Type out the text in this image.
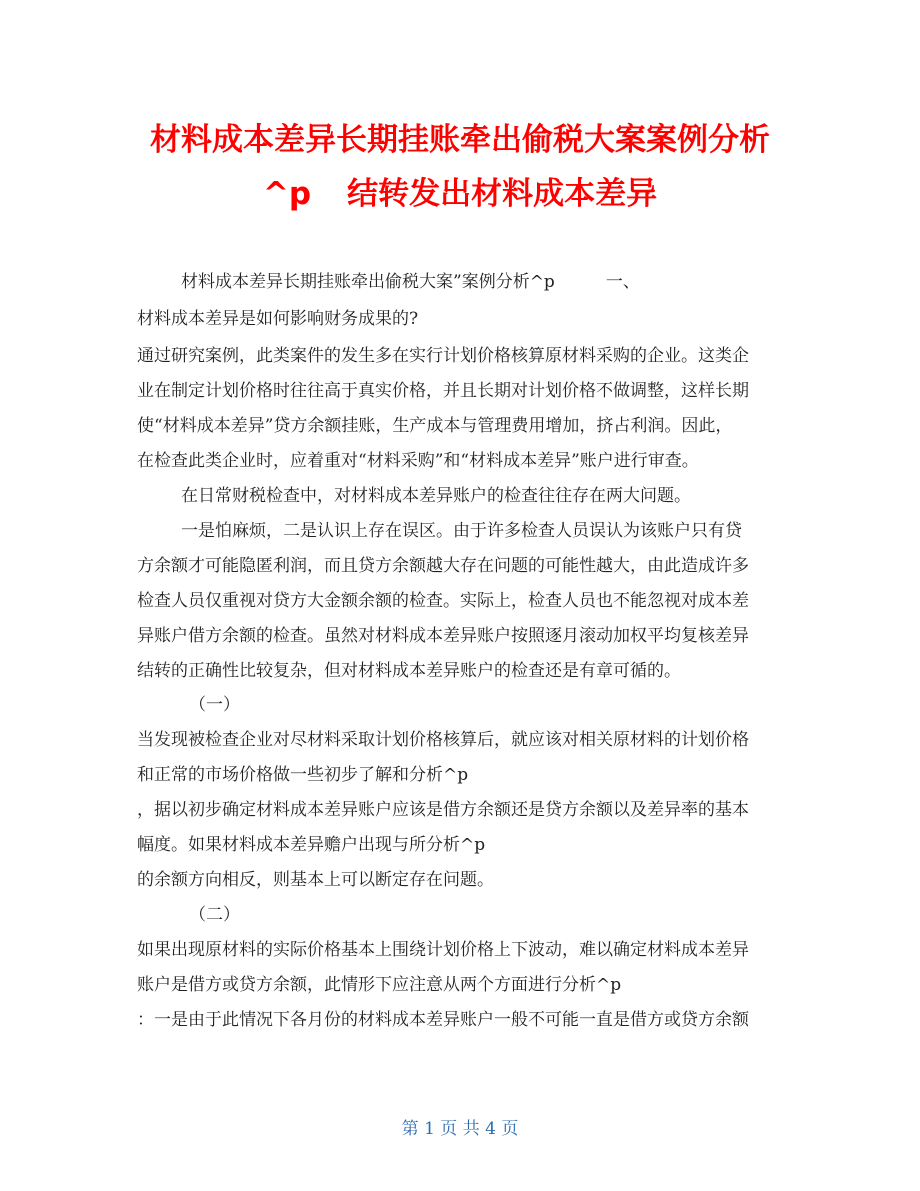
材料成本差异长期挂账牵出偷税大案案例分析
^p 结转发出材料成本差异

材料成本差异长期挂账牵出偷税大案”案例分析^p　　　一、

材料成本差异是如何影响财务成果的?

通过研究案例，此类案件的发生多在实行计划价格核算原材料采购的企业。这类企

业在制定计划价格时往往高于真实价格，并且长期对计划价格不做调整，这样长期

使“材料成本差异”贷方余额挂账，生产成本与管理费用增加，挤占利润。因此，

在检查此类企业时，应着重对“材料采购”和“材料成本差异”账户进行审查。

在日常财税检查中，对材料成本差异账户的检查往往存在两大问题。

一是怕麻烦，二是认识上存在误区。由于许多检查人员误认为该账户只有贷

方余额才可能隐匿利润，而且贷方余额越大存在问题的可能性越大，由此造成许多

检查人员仅重视对贷方大金额余额的检查。实际上，检查人员也不能忽视对成本差

异账户借方余额的检查。虽然对材料成本差异账户按照逐月滚动加权平均复核差异

结转的正确性比较复杂，但对材料成本差异账户的检查还是有章可循的。

（一）

当发现被检查企业对尽材料采取计划价格核算后，就应该对相关原材料的计划价格

和正常的市场价格做一些初步了解和分析^p

，据以初步确定材料成本差异账户应该是借方余额还是贷方余额以及差异率的基本

幅度。如果材料成本差异赡户出现与所分析^p

的余额方向相反，则基本上可以断定存在问题。

（二）

如果出现原材料的实际价格基本上围绕计划价格上下波动，难以确定材料成本差异

账户是借方或贷方余额，此情形下应注意从两个方面进行分析^p

：一是由于此情况下各月份的材料成本差异账户一般不可能一直是借方或贷方余额

第 1 页 共 4 页
